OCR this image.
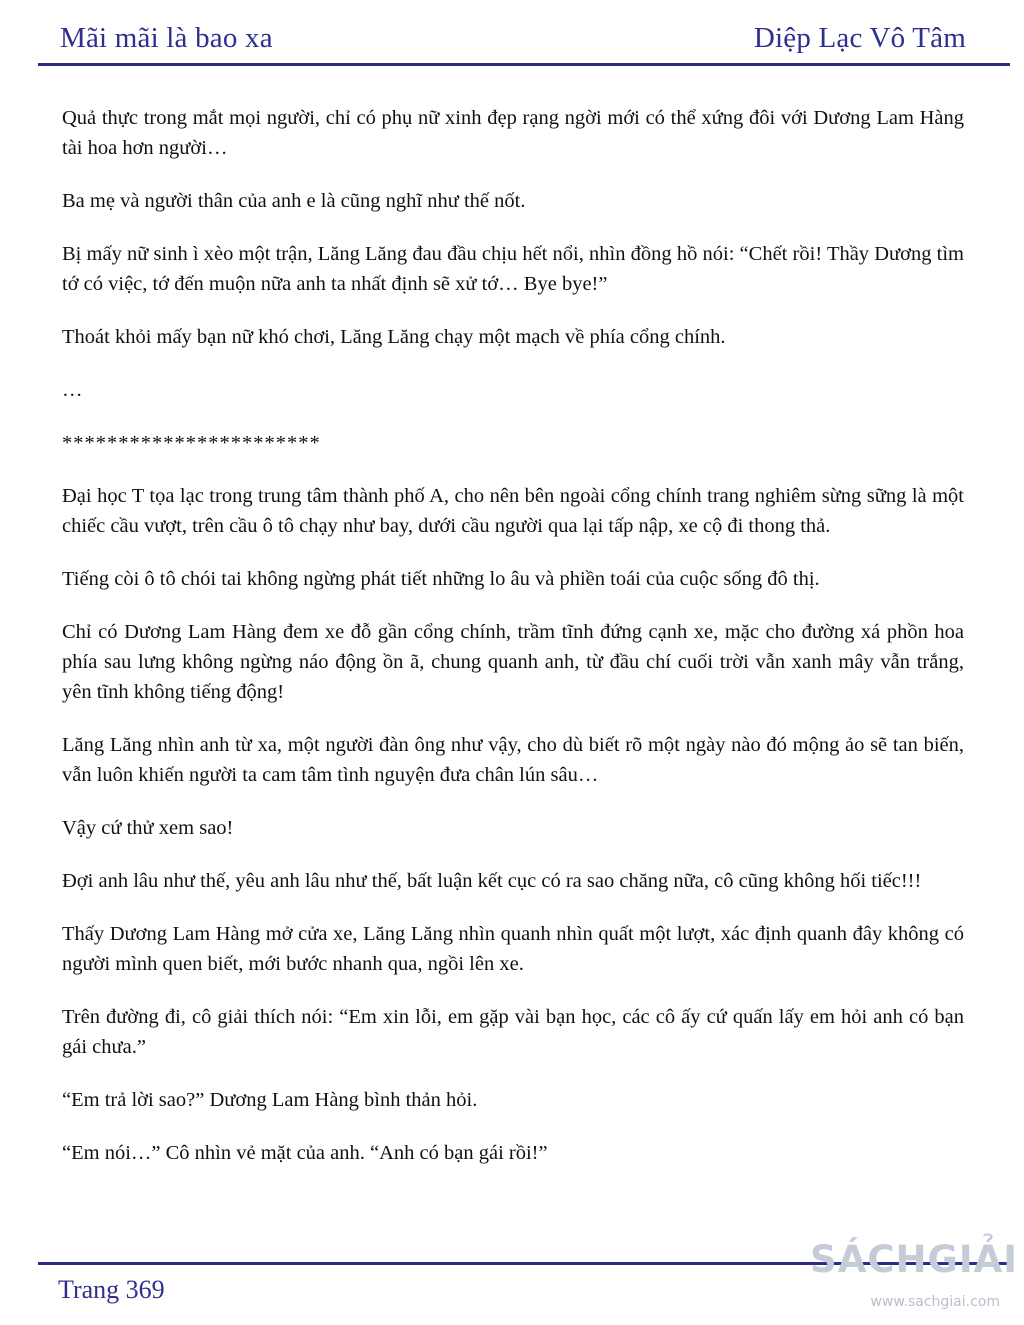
Mãi mãi là bao xa	Diệp Lạc Vô Tâm

Quả thực trong mắt mọi người, chỉ có phụ nữ xinh đẹp rạng ngời mới có thể xứng đôi với Dương Lam Hàng tài hoa hơn người…

Ba mẹ và người thân của anh e là cũng nghĩ như thế nốt.

Bị mấy nữ sinh ì xèo một trận, Lăng Lăng đau đầu chịu hết nổi, nhìn đồng hồ nói: “Chết rồi! Thầy Dương tìm tớ có việc, tớ đến muộn nữa anh ta nhất định sẽ xử tớ… Bye bye!”

Thoát khỏi mấy bạn nữ khó chơi, Lăng Lăng chạy một mạch về phía cổng chính.

…

***********************

Đại học T tọa lạc trong trung tâm thành phố A, cho nên bên ngoài cổng chính trang nghiêm sừng sững là một chiếc cầu vượt, trên cầu ô tô chạy như bay, dưới cầu người qua lại tấp nập, xe cộ đi thong thả.

Tiếng còi ô tô chói tai không ngừng phát tiết những lo âu và phiền toái của cuộc sống đô thị.

Chỉ có Dương Lam Hàng đem xe đỗ gần cổng chính, trầm tĩnh đứng cạnh xe, mặc cho đường xá phồn hoa phía sau lưng không ngừng náo động ồn ã, chung quanh anh, từ đầu chí cuối trời vẫn xanh mây vẫn trắng, yên tĩnh không tiếng động!

Lăng Lăng nhìn anh từ xa, một người đàn ông như vậy, cho dù biết rõ một ngày nào đó mộng ảo sẽ tan biến, vẫn luôn khiến người ta cam tâm tình nguyện đưa chân lún sâu…

Vậy cứ thử xem sao!

Đợi anh lâu như thế, yêu anh lâu như thế, bất luận kết cục có ra sao chăng nữa, cô cũng không hối tiếc!!!

Thấy Dương Lam Hàng mở cửa xe, Lăng Lăng nhìn quanh nhìn quất một lượt, xác định quanh đây không có người mình quen biết, mới bước nhanh qua, ngồi lên xe.

Trên đường đi, cô giải thích nói: “Em xin lỗi, em gặp vài bạn học, các cô ấy cứ quấn lấy em hỏi anh có bạn gái chưa.”

“Em trả lời sao?” Dương Lam Hàng bình thản hỏi.

“Em nói…” Cô nhìn vẻ mặt của anh. “Anh có bạn gái rồi!”

Trang 369
SÁCHGIẢI
www.sachgiai.com
